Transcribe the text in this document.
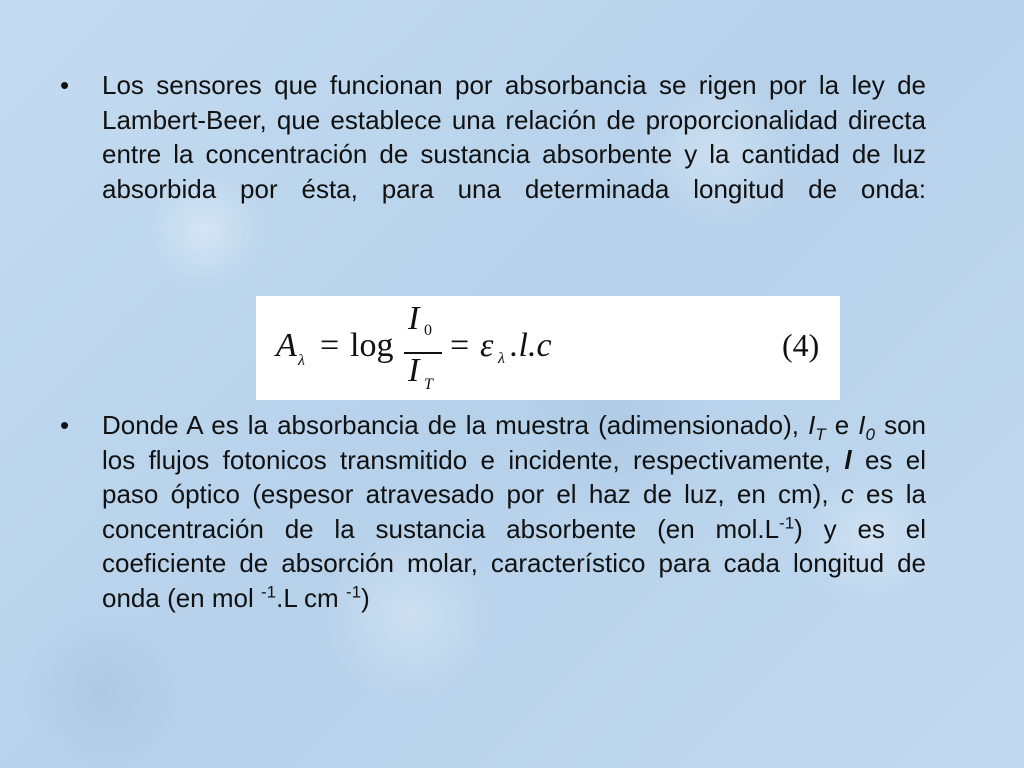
• Los sensores que funcionan por absorbancia se rigen por la ley de Lambert-Beer, que establece una relación de proporcionalidad directa entre la concentración de sustancia absorbente y la cantidad de luz absorbida por ésta, para una determinada longitud de onda:
A λ = log
I 0
I T
= ε λ .l.c	(4)
• Donde A es la absorbancia de la muestra (adimensionado), $I_T$ e $I_0$ son los flujos fotonicos transmitido e incidente, respectivamente, l es el paso óptico (espesor atravesado por el haz de luz, en cm), c es la concentración de la sustancia absorbente (en $mol.L^{-1}$) y es el coeficiente de absorción molar, característico para cada longitud de onda (en mol $^{-1}$.L cm $^{-1}$)
